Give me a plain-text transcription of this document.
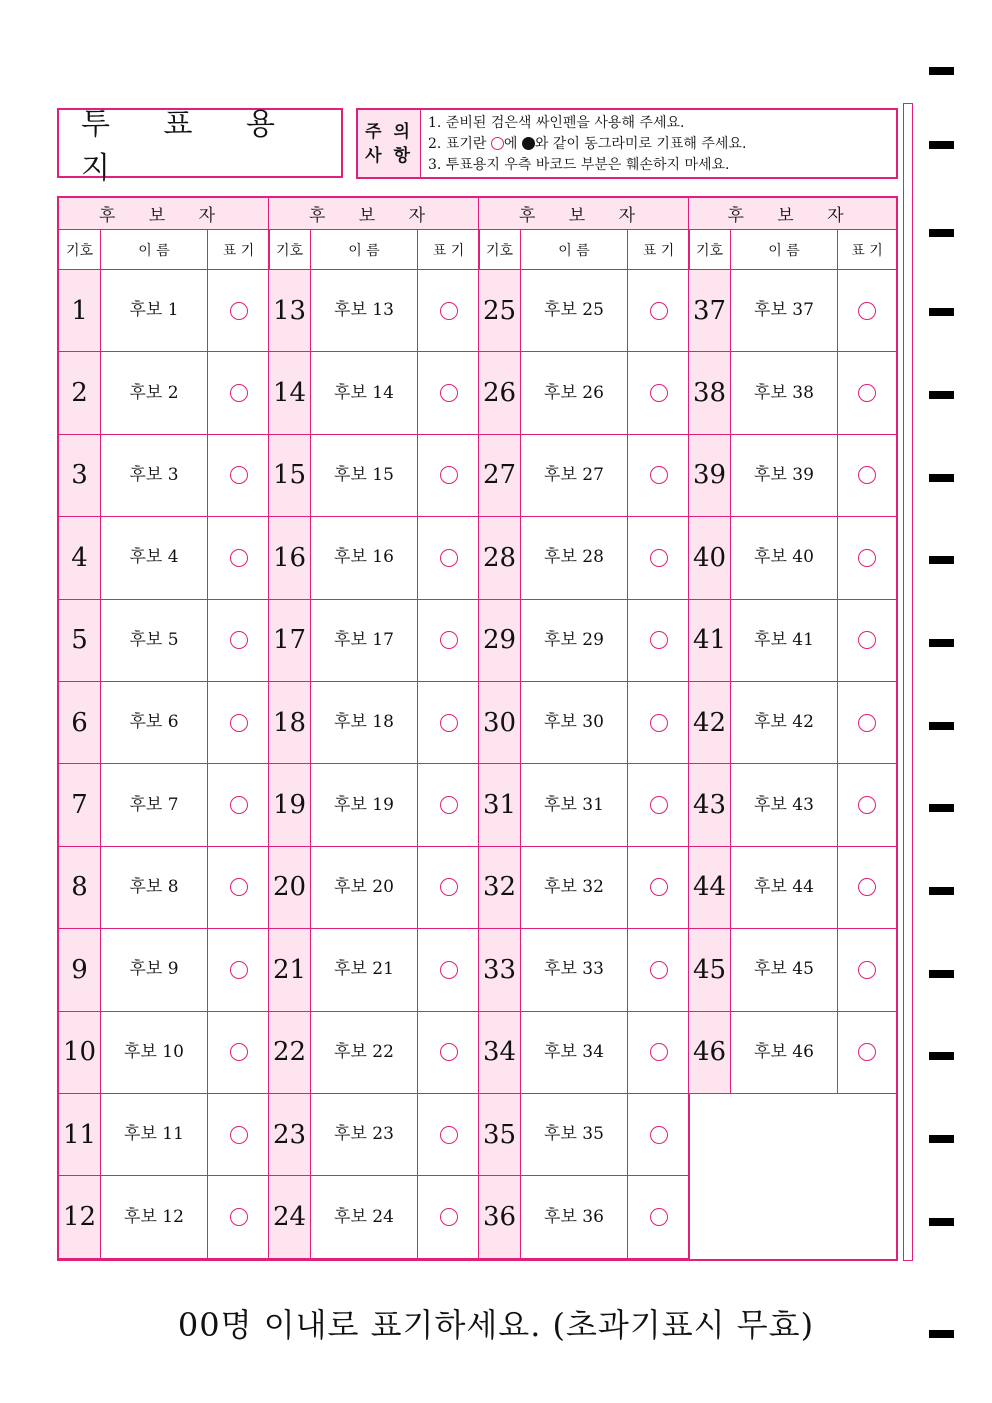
투 표 용 지
주 의
사 항
1. 준비된 검은색 싸인펜을 사용해 주세요.
2. 표기란 에 와 같이 동그라미로 기표해 주세요.
3. 투표용지 우측 바코드 부분은 훼손하지 마세요.
후 보 자
기호	이 름	표 기
1	후보 1
2	후보 2
3	후보 3
4	후보 4
5	후보 5
6	후보 6
7	후보 7
8	후보 8
9	후보 9
10	후보 10
11	후보 11
12	후보 12
후 보 자
기호	이 름	표 기
13	후보 13
14	후보 14
15	후보 15
16	후보 16
17	후보 17
18	후보 18
19	후보 19
20	후보 20
21	후보 21
22	후보 22
23	후보 23
24	후보 24
후 보 자
기호	이 름	표 기
25	후보 25
26	후보 26
27	후보 27
28	후보 28
29	후보 29
30	후보 30
31	후보 31
32	후보 32
33	후보 33
34	후보 34
35	후보 35
36	후보 36
후 보 자
기호	이 름	표 기
37	후보 37
38	후보 38
39	후보 39
40	후보 40
41	후보 41
42	후보 42
43	후보 43
44	후보 44
45	후보 45
46	후보 46
00명 이내로 표기하세요. (초과기표시 무효)
